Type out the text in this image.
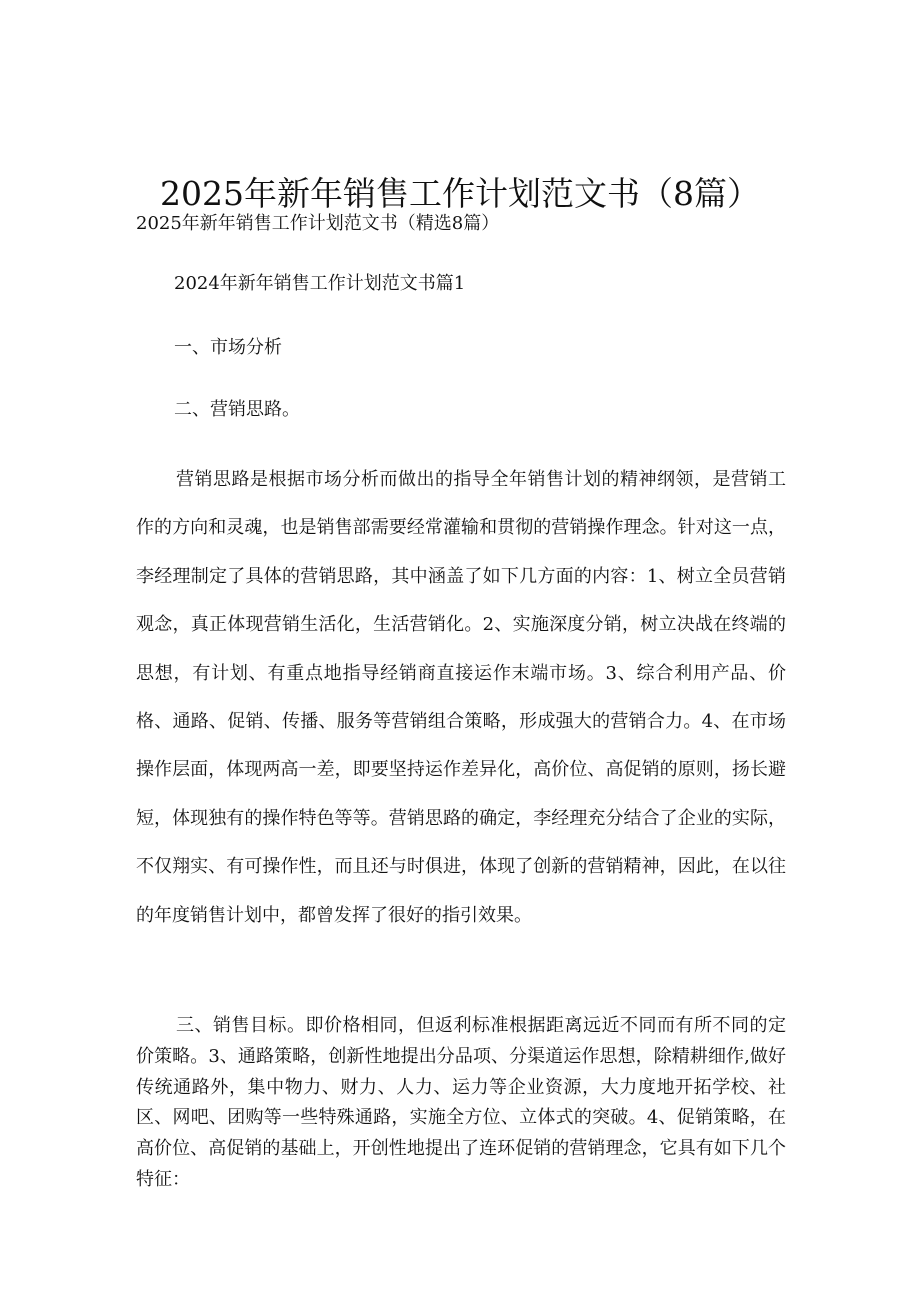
2025年新年销售工作计划范文书（8篇）
2025年新年销售工作计划范文书（精选8篇）
2024年新年销售工作计划范文书篇1
一、市场分析
二、营销思路。

营销思路是根据市场分析而做出的指导全年销售计划的精神纲领，是营销工作的方向和灵魂，也是销售部需要经常灌输和贯彻的营销操作理念。针对这一点，李经理制定了具体的营销思路，其中涵盖了如下几方面的内容：1、树立全员营销观念，真正体现营销生活化，生活营销化。2、实施深度分销，树立决战在终端的思想，有计划、有重点地指导经销商直接运作末端市场。3、综合利用产品、价格、通路、促销、传播、服务等营销组合策略，形成强大的营销合力。4、在市场操作层面，体现两高一差，即要坚持运作差异化，高价位、高促销的原则，扬长避短，体现独有的操作特色等等。营销思路的确定，李经理充分结合了企业的实际，不仅翔实、有可操作性，而且还与时俱进，体现了创新的营销精神，因此，在以往的年度销售计划中，都曾发挥了很好的指引效果。

三、销售目标。即价格相同，但返利标准根据距离远近不同而有所不同的定价策略。3、通路策略，创新性地提出分品项、分渠道运作思想，除精耕细作,做好传统通路外，集中物力、财力、人力、运力等企业资源，大力度地开拓学校、社区、网吧、团购等一些特殊通路，实施全方位、立体式的突破。4、促销策略，在高价位、高促销的基础上，开创性地提出了连环促销的营销理念，它具有如下几个特征：
